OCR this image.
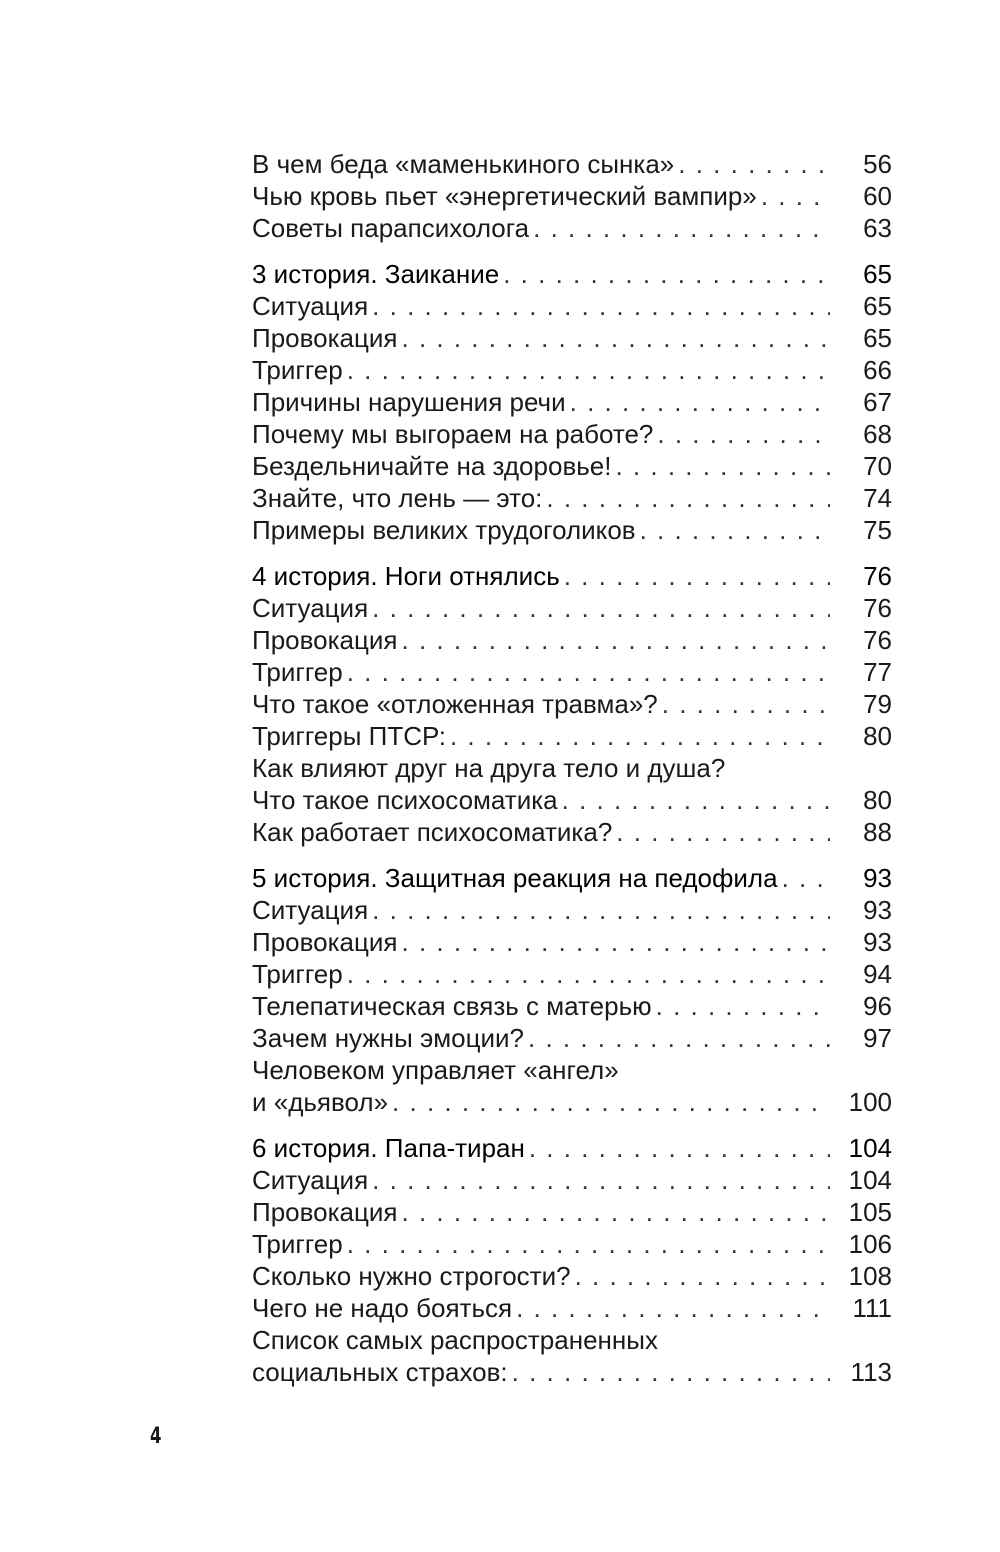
В чем беда «маменькиного сынка» . . .	56
Чью кровь пьет «энергетический вампир» . . .	60
Советы парапсихолога . . .	63
3 история. Заикание . . .	65
Ситуация . . .	65
Провокация . . .	65
Триггер . . .	66
Причины нарушения речи . . .	67
Почему мы выгораем на работе? . . .	68
Бездельничайте на здоровье! . . .	70
Знайте, что лень — это: . . .	74
Примеры великих трудоголиков . . .	75
4 история. Ноги отнялись . . .	76
Ситуация . . .	76
Провокация . . .	76
Триггер . . .	77
Что такое «отложенная травма»? . . .	79
Триггеры ПТСР: . . .	80
Как влияют друг на друга тело и душа?
Что такое психосоматика . . .	80
Как работает психосоматика? . . .	88
5 история. Защитная реакция на педофила . . .	93
Ситуация . . .	93
Провокация . . .	93
Триггер . . .	94
Телепатическая связь с матерью . . .	96
Зачем нужны эмоции? . . .	97
Человеком управляет «ангел»
и «дьявол» . . .	100
6 история. Папа-тиран . . .	104
Ситуация . . .	104
Провокация . . .	105
Триггер . . .	106
Сколько нужно строгости? . . .	108
Чего не надо бояться . . .	111
Список самых распространенных
социальных страхов: . . .	113
4
